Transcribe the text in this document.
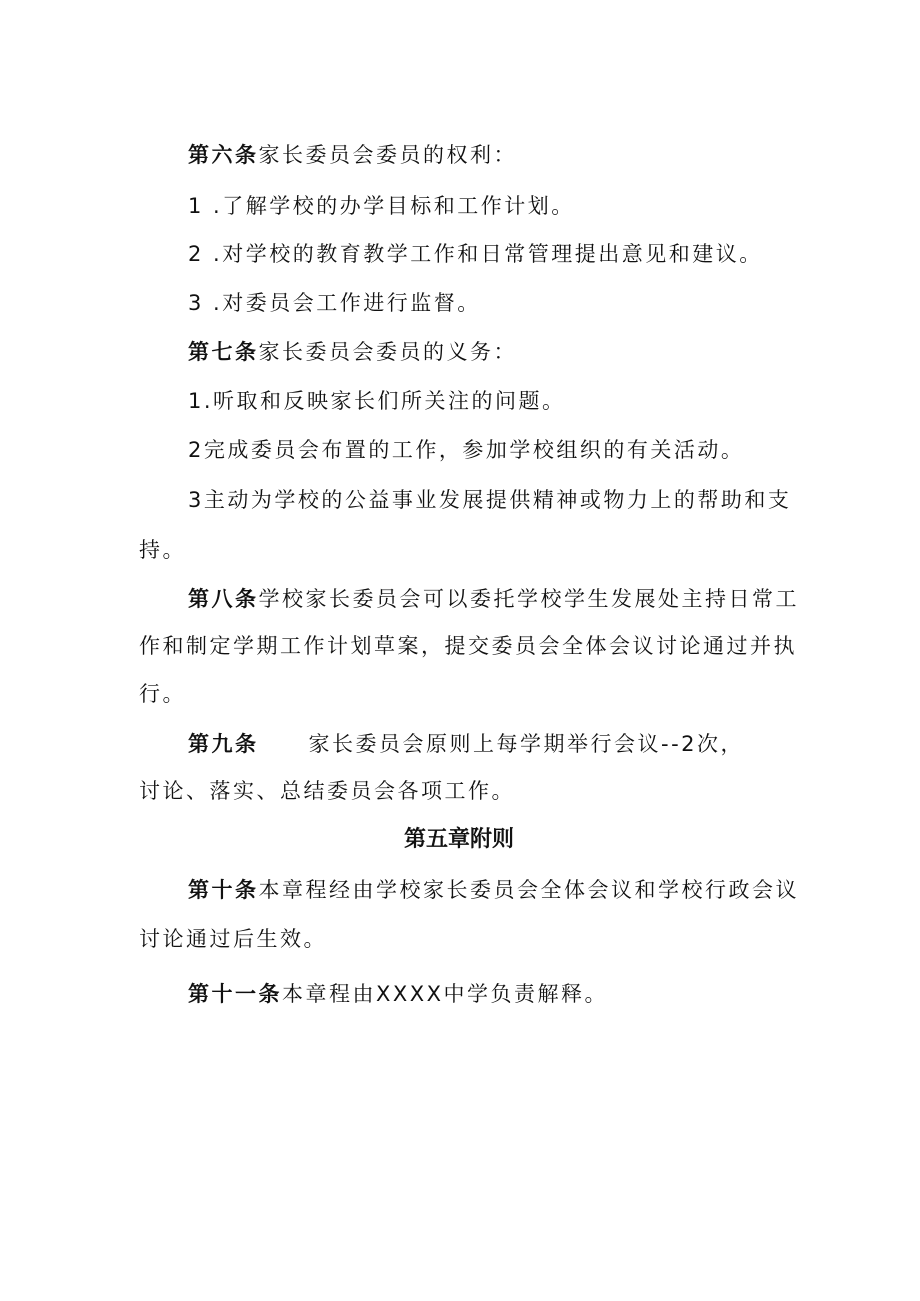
第六条家长委员会委员的权利：
1 .了解学校的办学目标和工作计划。
2 .对学校的教育教学工作和日常管理提出意见和建议。
3 .对委员会工作进行监督。
第七条家长委员会委员的义务：
1.听取和反映家长们所关注的问题。
2完成委员会布置的工作，参加学校组织的有关活动。
3主动为学校的公益事业发展提供精神或物力上的帮助和支
持。
第八条学校家长委员会可以委托学校学生发展处主持日常工
作和制定学期工作计划草案，提交委员会全体会议讨论通过并执
行。
第九条 家长委员会原则上每学期举行会议--2次，
讨论、落实、总结委员会各项工作。
第五章附则
第十条本章程经由学校家长委员会全体会议和学校行政会议
讨论通过后生效。
第十一条本章程由XXXX中学负责解释。
